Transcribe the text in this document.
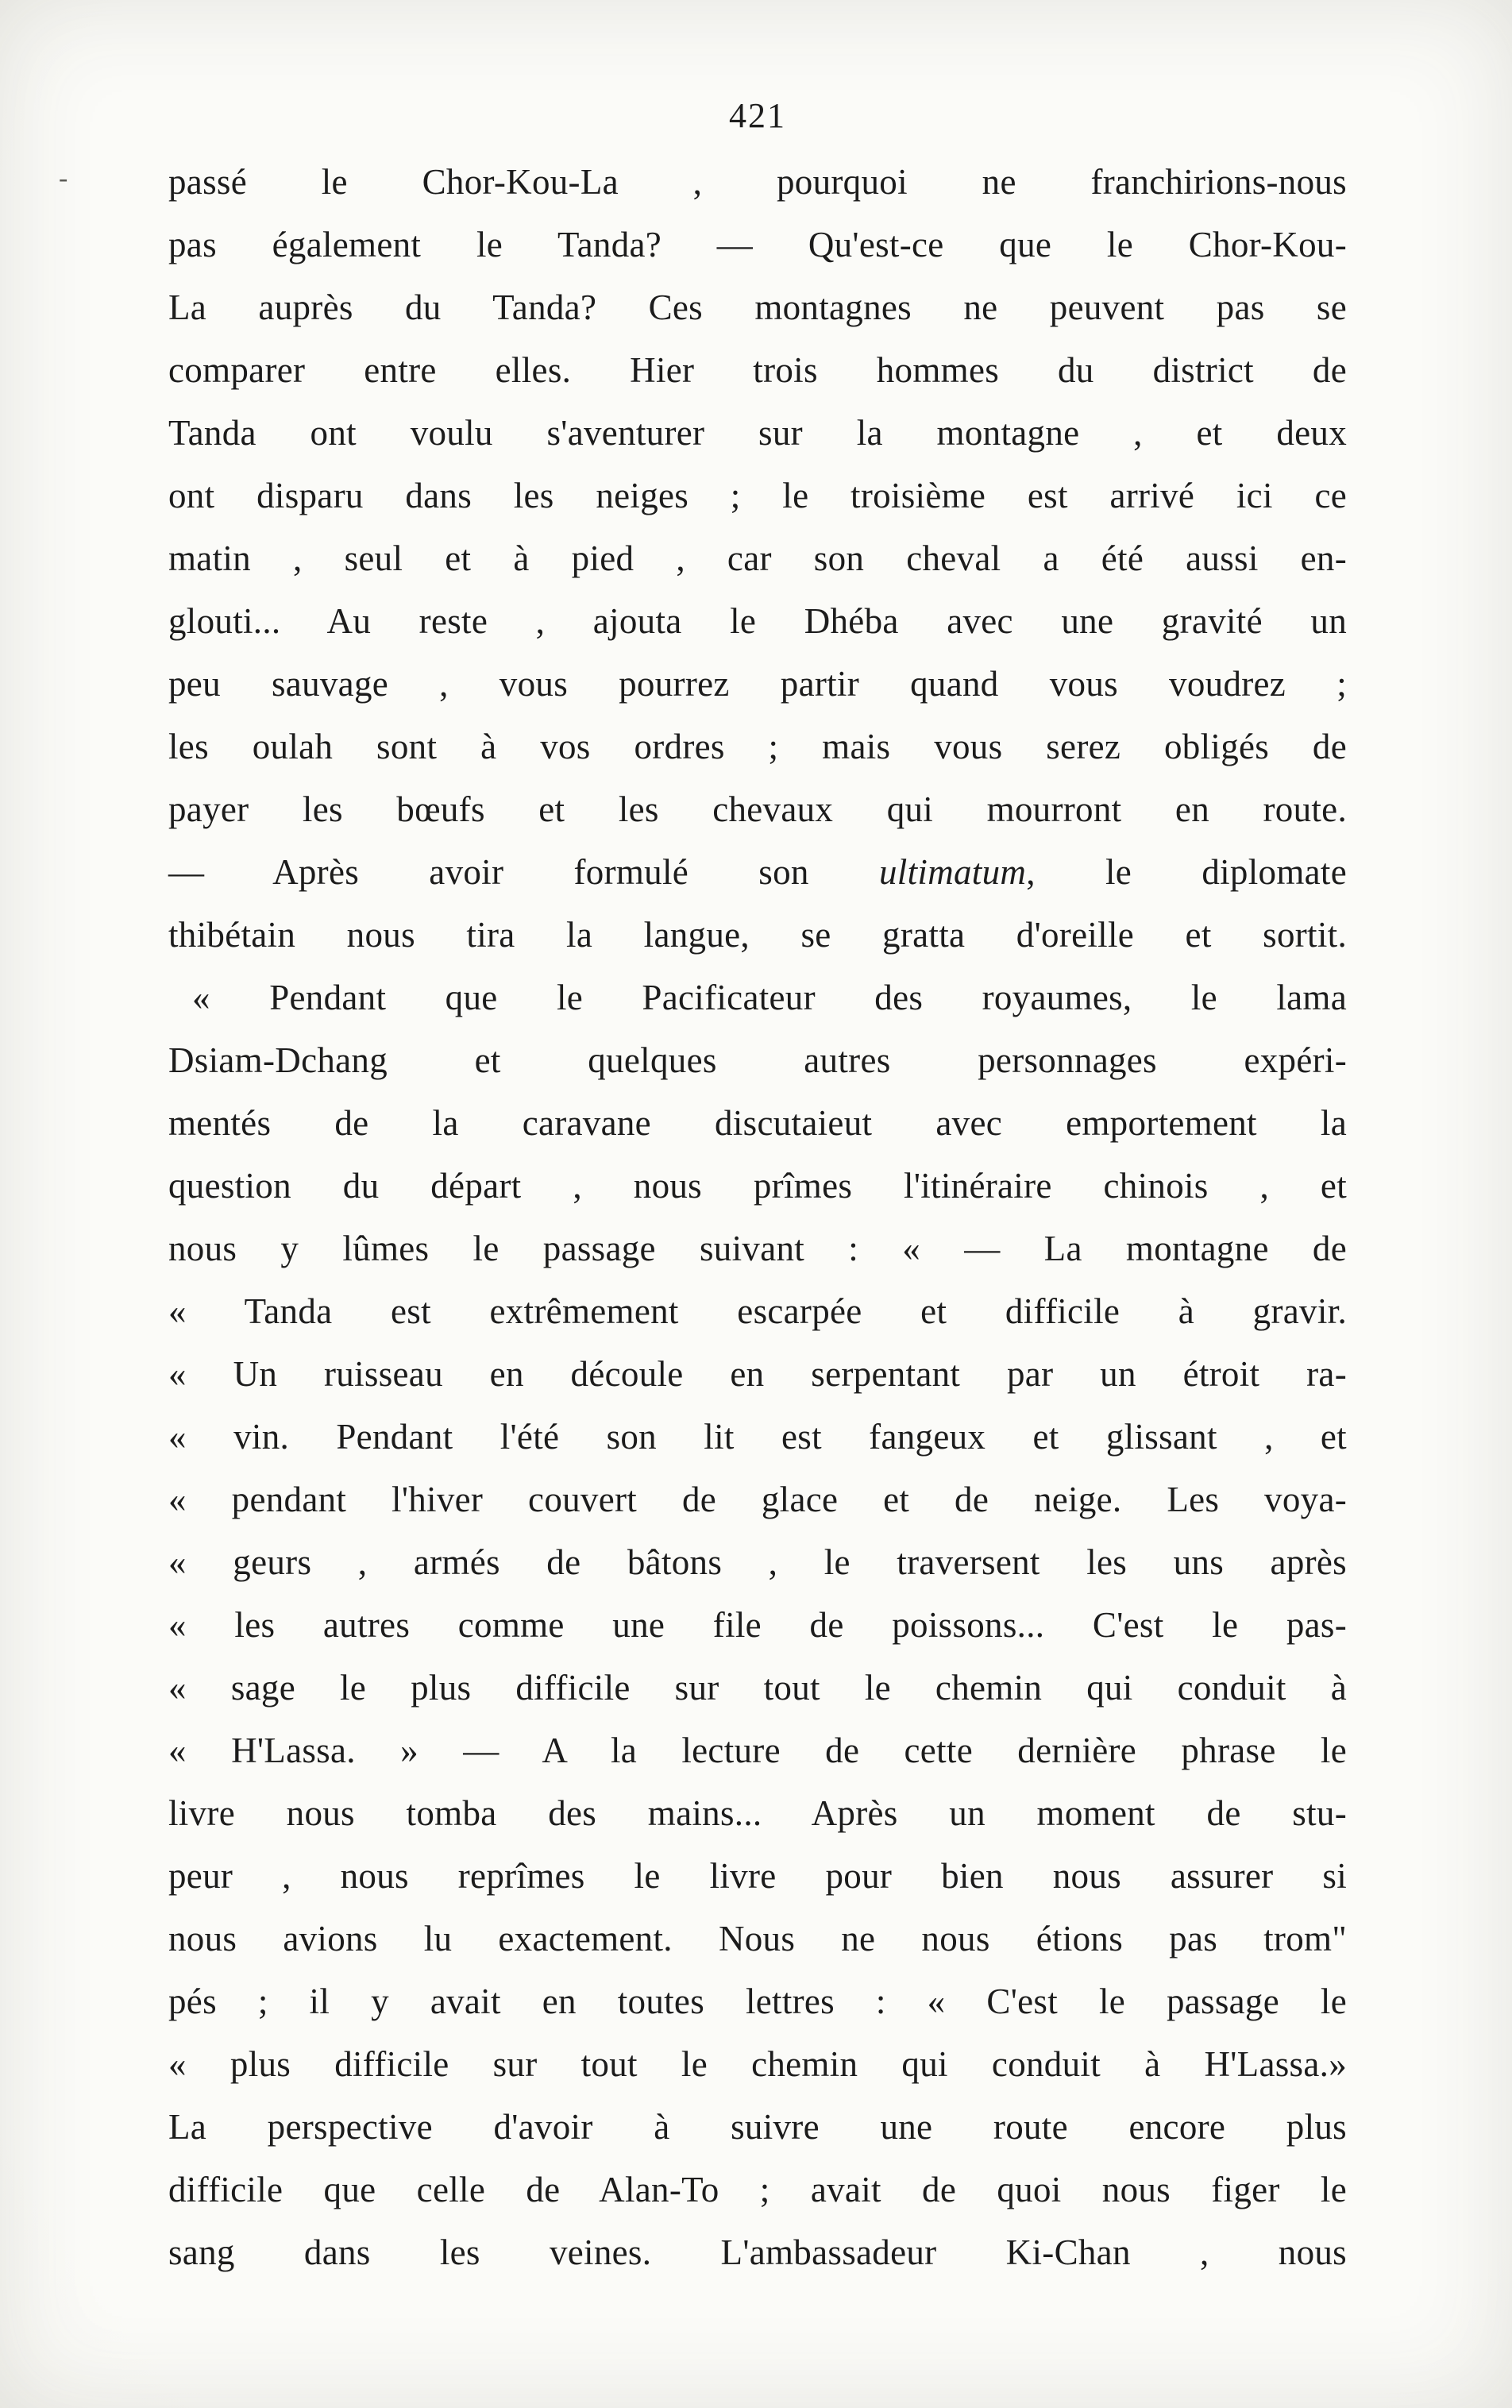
-
421
passé le Chor-Kou-La , pourquoi ne franchirions-nous
pas également le Tanda? — Qu'est-ce que le Chor-Kou-
La auprès du Tanda? Ces montagnes ne peuvent pas se
comparer entre elles. Hier trois hommes du district de
Tanda ont voulu s'aventurer sur la montagne , et deux
ont disparu dans les neiges ; le troisième est arrivé ici ce
matin , seul et à pied , car son cheval a été aussi en-
glouti... Au reste , ajouta le Dhéba avec une gravité un
peu sauvage , vous pourrez partir quand vous voudrez ;
les oulah sont à vos ordres ; mais vous serez obligés de
payer les bœufs et les chevaux qui mourront en route.
— Après avoir formulé son ultimatum, le diplomate
thibétain nous tira la langue, se gratta d'oreille et sortit.
« Pendant que le Pacificateur des royaumes, le lama
Dsiam-Dchang et quelques autres personnages expéri-
mentés de la caravane discutaieut avec emportement la
question du départ , nous prîmes l'itinéraire chinois , et
nous y lûmes le passage suivant : « — La montagne de
« Tanda est extrêmement escarpée et difficile à gravir.
« Un ruisseau en découle en serpentant par un étroit ra-
« vin. Pendant l'été son lit est fangeux et glissant , et
« pendant l'hiver couvert de glace et de neige. Les voya-
« geurs , armés de bâtons , le traversent les uns après
« les autres comme une file de poissons... C'est le pas-
« sage le plus difficile sur tout le chemin qui conduit à
« H'Lassa. » — A la lecture de cette dernière phrase le
livre nous tomba des mains... Après un moment de stu-
peur , nous reprîmes le livre pour bien nous assurer si
nous avions lu exactement. Nous ne nous étions pas trom"
pés ; il y avait en toutes lettres : « C'est le passage le
« plus difficile sur tout le chemin qui conduit à H'Lassa.»
La perspective d'avoir à suivre une route encore plus
difficile que celle de Alan-To ; avait de quoi nous figer le
sang dans les veines. L'ambassadeur Ki-Chan , nous
